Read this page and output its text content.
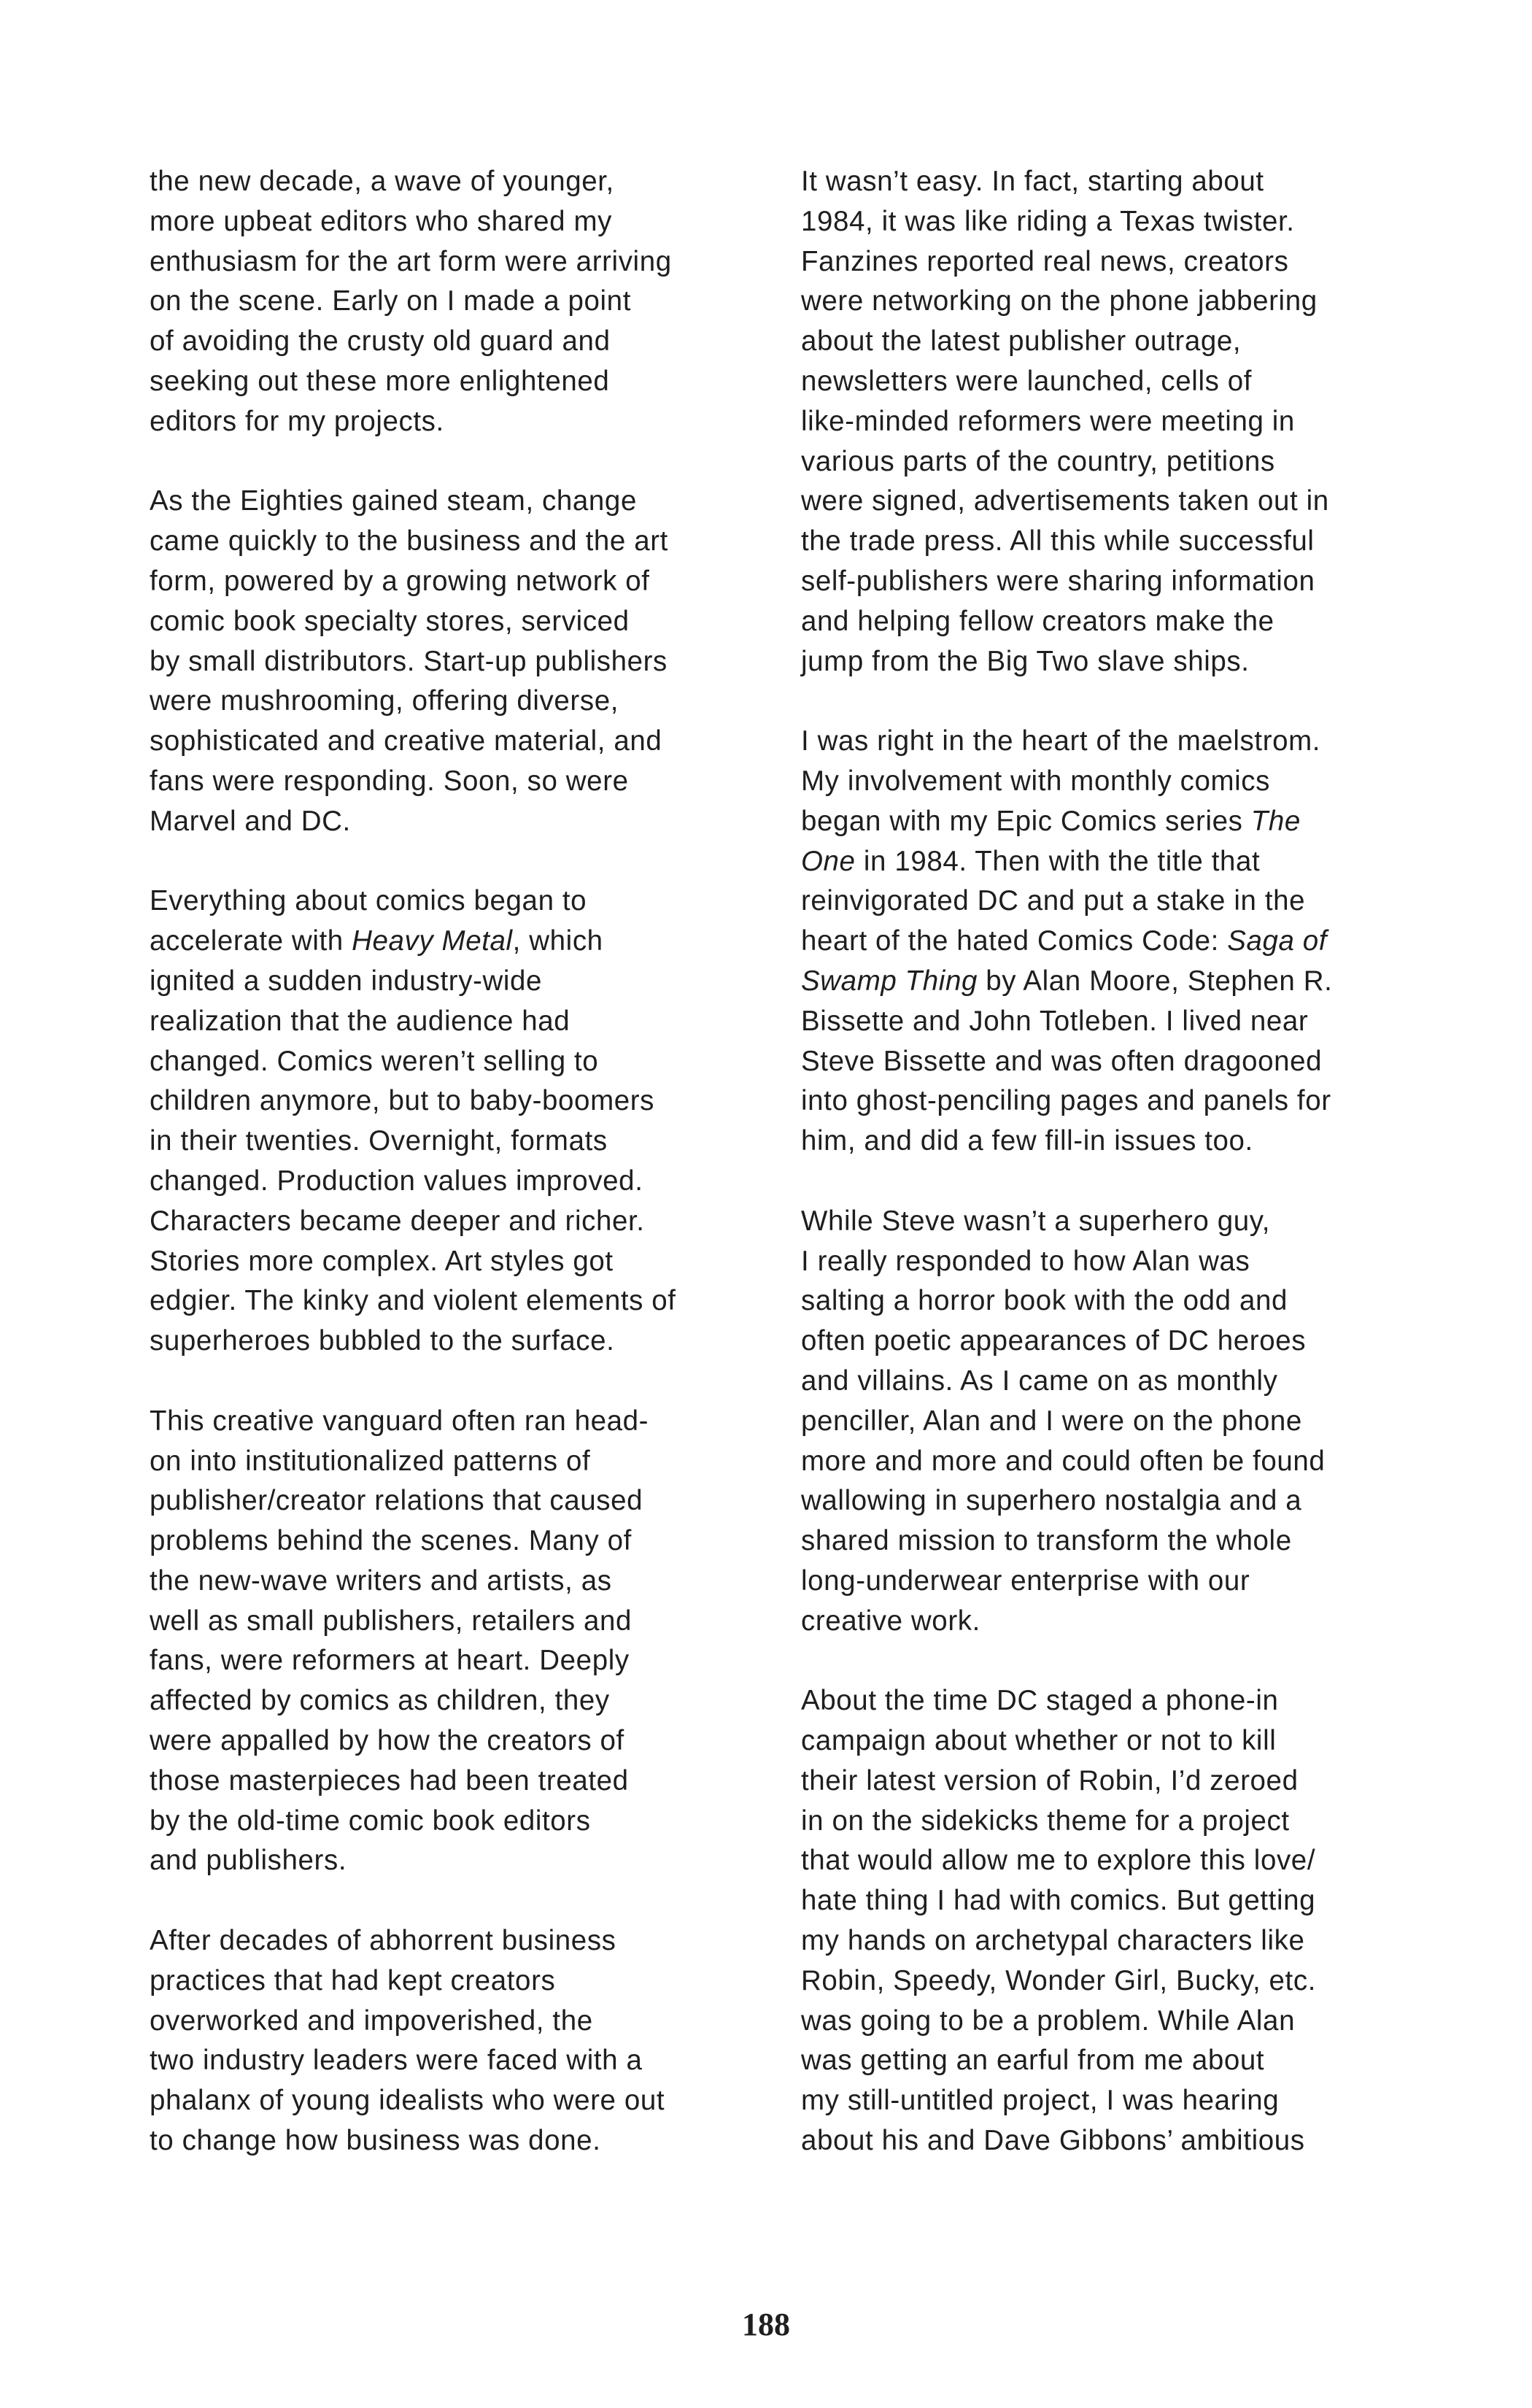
the new decade, a wave of younger,
more upbeat editors who shared my
enthusiasm for the art form were arriving
on the scene. Early on I made a point
of avoiding the crusty old guard and
seeking out these more enlightened
editors for my projects.
As the Eighties gained steam, change
came quickly to the business and the art
form, powered by a growing network of
comic book specialty stores, serviced
by small distributors. Start-up publishers
were mushrooming, offering diverse,
sophisticated and creative material, and
fans were responding. Soon, so were
Marvel and DC.
Everything about comics began to
accelerate with Heavy Metal, which
ignited a sudden industry-wide
realization that the audience had
changed. Comics weren’t selling to
children anymore, but to baby-boomers
in their twenties. Overnight, formats
changed. Production values improved.
Characters became deeper and richer.
Stories more complex. Art styles got
edgier. The kinky and violent elements of
superheroes bubbled to the surface.
This creative vanguard often ran head-
on into institutionalized patterns of
publisher/creator relations that caused
problems behind the scenes. Many of
the new-wave writers and artists, as
well as small publishers, retailers and
fans, were reformers at heart. Deeply
affected by comics as children, they
were appalled by how the creators of
those masterpieces had been treated
by the old-time comic book editors
and publishers.
After decades of abhorrent business
practices that had kept creators
overworked and impoverished, the
two industry leaders were faced with a
phalanx of young idealists who were out
to change how business was done.
It wasn’t easy. In fact, starting about
1984, it was like riding a Texas twister.
Fanzines reported real news, creators
were networking on the phone jabbering
about the latest publisher outrage,
newsletters were launched, cells of
like-minded reformers were meeting in
various parts of the country, petitions
were signed, advertisements taken out in
the trade press. All this while successful
self-publishers were sharing information
and helping fellow creators make the
jump from the Big Two slave ships.
I was right in the heart of the maelstrom.
My involvement with monthly comics
began with my Epic Comics series The
One in 1984. Then with the title that
reinvigorated DC and put a stake in the
heart of the hated Comics Code: Saga of
Swamp Thing by Alan Moore, Stephen R.
Bissette and John Totleben. I lived near
Steve Bissette and was often dragooned
into ghost-penciling pages and panels for
him, and did a few fill-in issues too.
While Steve wasn’t a superhero guy,
I really responded to how Alan was
salting a horror book with the odd and
often poetic appearances of DC heroes
and villains. As I came on as monthly
penciller, Alan and I were on the phone
more and more and could often be found
wallowing in superhero nostalgia and a
shared mission to transform the whole
long-underwear enterprise with our
creative work.
About the time DC staged a phone-in
campaign about whether or not to kill
their latest version of Robin, I’d zeroed
in on the sidekicks theme for a project
that would allow me to explore this love/
hate thing I had with comics. But getting
my hands on archetypal characters like
Robin, Speedy, Wonder Girl, Bucky, etc.
was going to be a problem. While Alan
was getting an earful from me about
my still-untitled project, I was hearing
about his and Dave Gibbons’ ambitious
188
